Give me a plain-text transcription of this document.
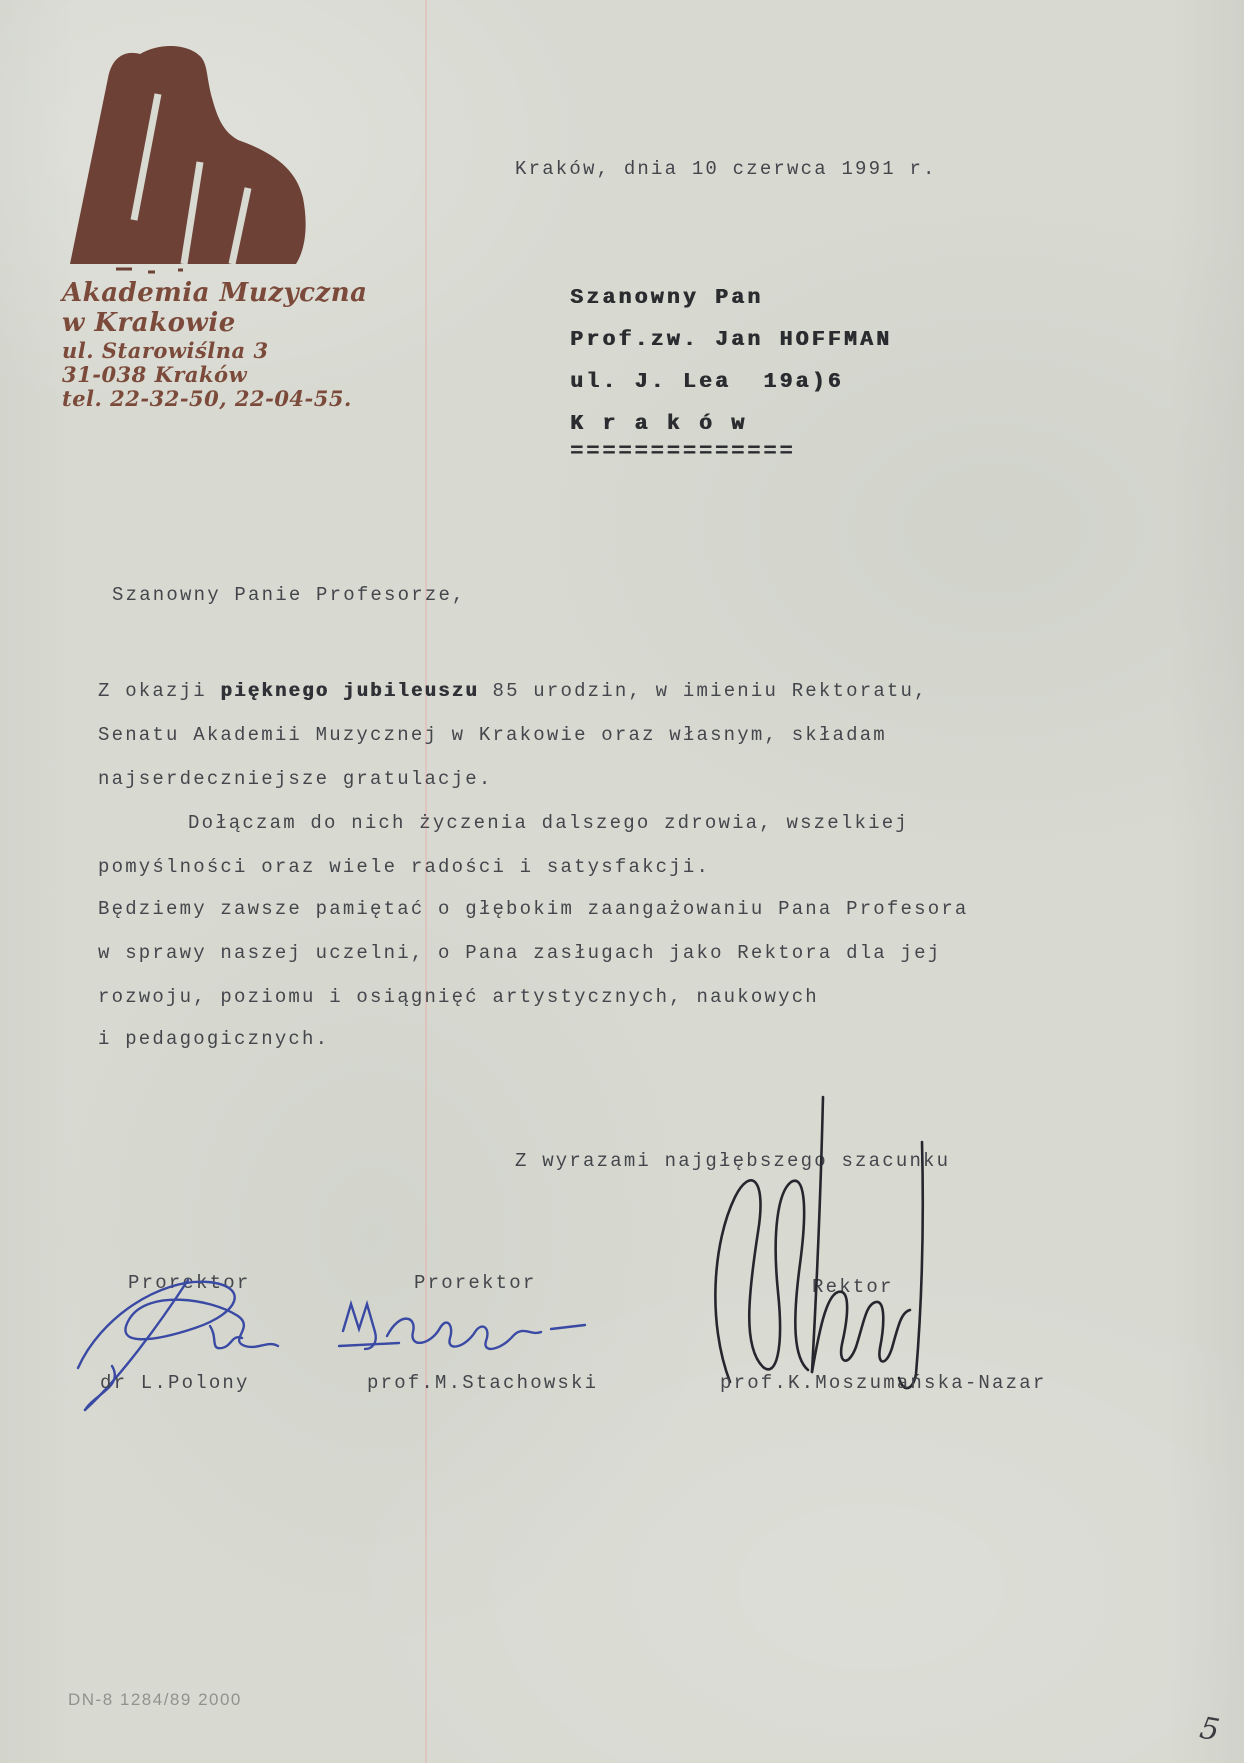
Akademia Muzyczna
w Krakowie
ul. Starowiślna 3
31-038 Kraków
tel. 22-32-50, 22-04-55.
Kraków, dnia 10 czerwca 1991 r.
Szanowny Pan
Prof.zw. Jan HOFFMAN
ul. J. Lea  19a)6
K r a k ó w
==============
Szanowny Panie Profesorze,
Z okazji pięknego jubileuszu 85 urodzin, w imieniu Rektoratu,
Senatu Akademii Muzycznej w Krakowie oraz własnym, składam
najserdeczniejsze gratulacje.
Dołączam do nich życzenia dalszego zdrowia, wszelkiej
pomyślności oraz wiele radości i satysfakcji.
Będziemy zawsze pamiętać o głębokim zaangażowaniu Pana Profesora
w sprawy naszej uczelni, o Pana zasługach jako Rektora dla jej
rozwoju, poziomu i osiągnięć artystycznych, naukowych
i pedagogicznych.
Z wyrazami najgłębszego szacunku
Prorektor	Prorektor	Rektor
dr L.Polony	prof.M.Stachowski	prof.K.Moszumańska-Nazar
DN-8 1284/89 2000
5
